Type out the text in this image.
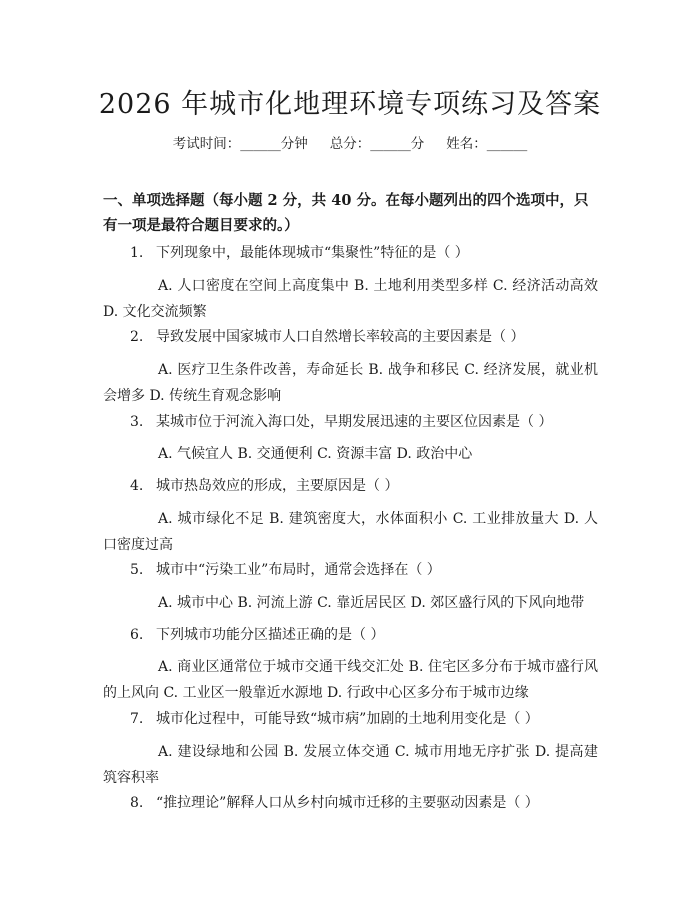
2026 年城市化地理环境专项练习及答案
考试时间：______分钟 总分：______分 姓名：______
一、单项选择题（每小题 2 分，共 40 分。在每小题列出的四个选项中，只有一项是最符合题目要求的。）
1. 下列现象中，最能体现城市“集聚性”特征的是（ ）
A. 人口密度在空间上高度集中 B. 土地利用类型多样 C. 经济活动高效 D. 文化交流频繁
2. 导致发展中国家城市人口自然增长率较高的主要因素是（ ）
A. 医疗卫生条件改善，寿命延长 B. 战争和移民 C. 经济发展，就业机会增多 D. 传统生育观念影响
3. 某城市位于河流入海口处，早期发展迅速的主要区位因素是（ ）
A. 气候宜人 B. 交通便利 C. 资源丰富 D. 政治中心
4. 城市热岛效应的形成，主要原因是（ ）
A. 城市绿化不足 B. 建筑密度大，水体面积小 C. 工业排放量大 D. 人口密度过高
5. 城市中“污染工业”布局时，通常会选择在（ ）
A. 城市中心 B. 河流上游 C. 靠近居民区 D. 郊区盛行风的下风向地带
6. 下列城市功能分区描述正确的是（ ）
A. 商业区通常位于城市交通干线交汇处 B. 住宅区多分布于城市盛行风的上风向 C. 工业区一般靠近水源地 D. 行政中心区多分布于城市边缘
7. 城市化过程中，可能导致“城市病”加剧的土地利用变化是（ ）
A. 建设绿地和公园 B. 发展立体交通 C. 城市用地无序扩张 D. 提高建筑容积率
8. “推拉理论”解释人口从乡村向城市迁移的主要驱动因素是（ ）
